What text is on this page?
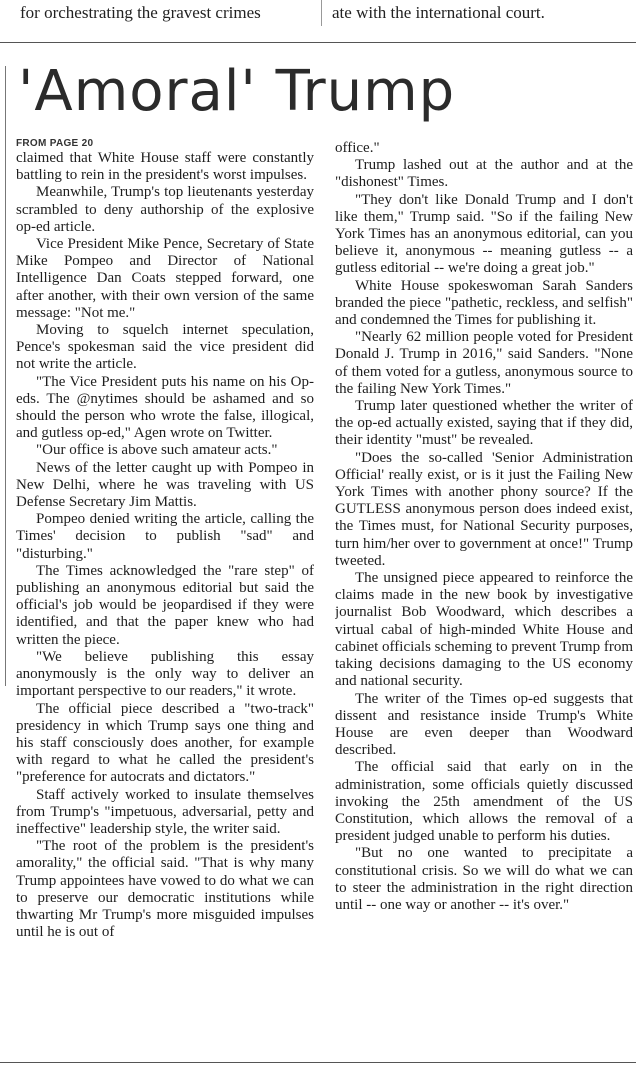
for orchestrating the gravest crimes	ate with the international court.
'Amoral' Trump
FROM PAGE 20

claimed that White House staff were constantly battling to rein in the president's worst impulses.

Meanwhile, Trump's top lieutenants yesterday scrambled to deny authorship of the explosive op-ed article.

Vice President Mike Pence, Secretary of State Mike Pompeo and Director of National Intelligence Dan Coats stepped forward, one after another, with their own version of the same message: "Not me."

Moving to squelch internet speculation, Pence's spokesman said the vice president did not write the article.

"The Vice President puts his name on his Op-eds. The @nytimes should be ashamed and so should the person who wrote the false, illogical, and gutless op-ed," Agen wrote on Twitter.

"Our office is above such amateur acts."

News of the letter caught up with Pompeo in New Delhi, where he was traveling with US Defense Secretary Jim Mattis.

Pompeo denied writing the article, calling the Times' decision to publish "sad" and "disturbing."

The Times acknowledged the "rare step" of publishing an anonymous editorial but said the official's job would be jeopardised if they were identified, and that the paper knew who had written the piece.

"We believe publishing this essay anonymously is the only way to deliver an important perspective to our readers," it wrote.

The official piece described a "two-track" presidency in which Trump says one thing and his staff consciously does another, for example with regard to what he called the president's "preference for autocrats and dictators."

Staff actively worked to insulate themselves from Trump's "impetuous, adversarial, petty and ineffective" leadership style, the writer said.

"The root of the problem is the president's amorality," the official said. "That is why many Trump appointees have vowed to do what we can to preserve our democratic institutions while thwarting Mr Trump's more misguided impulses until he is out of

office."

Trump lashed out at the author and at the "dishonest" Times.

"They don't like Donald Trump and I don't like them," Trump said. "So if the failing New York Times has an anonymous editorial, can you believe it, anonymous -- meaning gutless -- a gutless editorial -- we're doing a great job."

White House spokeswoman Sarah Sanders branded the piece "pathetic, reckless, and selfish" and condemned the Times for publishing it.

"Nearly 62 million people voted for President Donald J. Trump in 2016," said Sanders. "None of them voted for a gutless, anonymous source to the failing New York Times."

Trump later questioned whether the writer of the op-ed actually existed, saying that if they did, their identity "must" be revealed.

"Does the so-called 'Senior Administration Official' really exist, or is it just the Failing New York Times with another phony source? If the GUTLESS anonymous person does indeed exist, the Times must, for National Security purposes, turn him/her over to government at once!" Trump tweeted.

The unsigned piece appeared to reinforce the claims made in the new book by investigative journalist Bob Woodward, which describes a virtual cabal of high-minded White House and cabinet officials scheming to prevent Trump from taking decisions damaging to the US economy and national security.

The writer of the Times op-ed suggests that dissent and resistance inside Trump's White House are even deeper than Woodward described.

The official said that early on in the administration, some officials quietly discussed invoking the 25th amendment of the US Constitution, which allows the removal of a president judged unable to perform his duties.

"But no one wanted to precipitate a constitutional crisis. So we will do what we can to steer the administration in the right direction until -- one way or another -- it's over."
